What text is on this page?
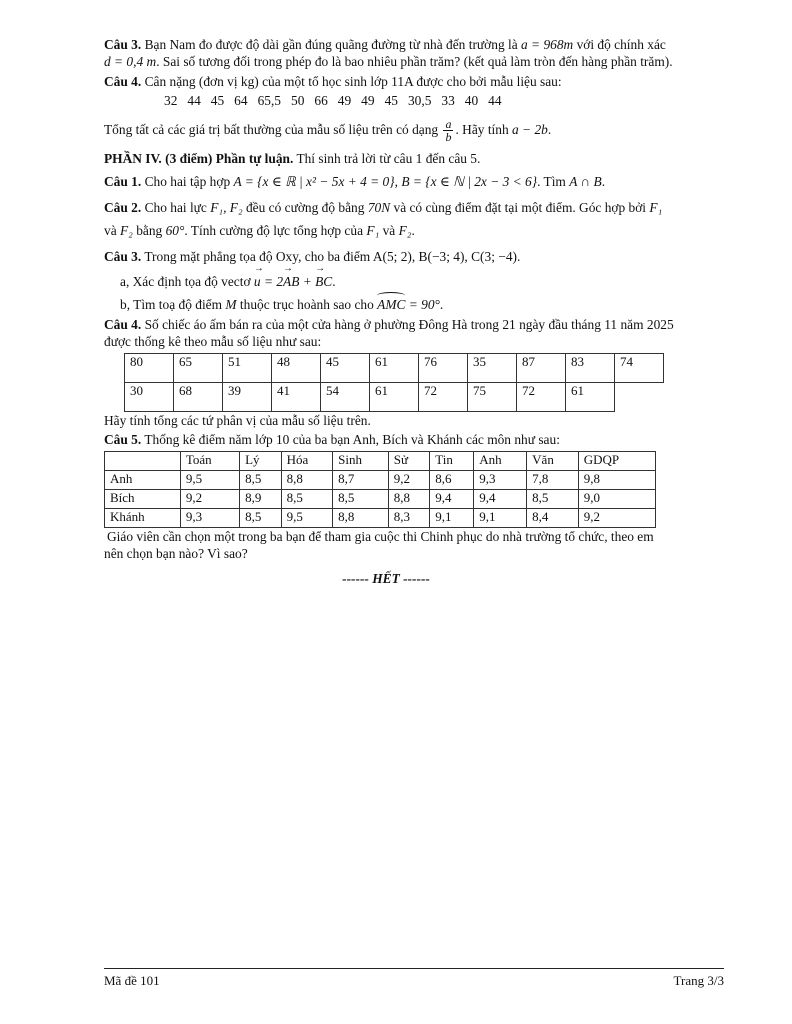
Câu 3. Bạn Nam đo được độ dài gần đúng quãng đường từ nhà đến trường là a = 968m với độ chính xác
d = 0,4 m. Sai số tương đối trong phép đo là bao nhiêu phần trăm? (kết quả làm tròn đến hàng phần trăm).

Câu 4. Cân nặng (đơn vị kg) của một tổ học sinh lớp 11A được cho bởi mẫu liệu sau:

32 44 45 64 65,5 50 66 49 49 45 30,5 33 40 44

Tổng tất cả các giá trị bất thường của mẫu số liệu trên có dạng $\frac{a}{b}$ . Hãy tính a − 2b.

PHẦN IV. (3 điểm) Phần tự luận. Thí sinh trả lời từ câu 1 đến câu 5.

Câu 1. Cho hai tập hợp A = {x ∈ ℝ | x² − 5x + 4 = 0}, B = {x ∈ ℕ | 2x − 3 < 6}. Tìm A ∩ B.

Câu 2. Cho hai lực F₁, F₂ đều có cường độ bằng 70N và có cùng điểm đặt tại một điểm. Góc hợp bởi F₁

và F₂ bằng 60°. Tính cường độ lực tổng hợp của F₁ và F₂.

Câu 3. Trong mặt phẳng tọa độ Oxy, cho ba điểm A(5; 2), B(−3; 4), C(3; −4).

a, Xác định tọa độ vectơ → u = 2→ AB + → BC.

b, Tìm toạ độ điểm M thuộc trục hoành sao cho AMC = 90°.

Câu 4. Số chiếc áo ấm bán ra của một cửa hàng ở phường Đông Hà trong 21 ngày đầu tháng 11 năm 2025
được thống kê theo mẫu số liệu như sau:

80	65	51	48	45	61	76	35	87	83	74
30	68	39	41	54	61	72	75	72	61	

Hãy tính tổng các tứ phân vị của mẫu số liệu trên.

Câu 5. Thống kê điểm năm lớp 10 của ba bạn Anh, Bích và Khánh các môn như sau:

	Toán	Lý	Hóa	Sinh	Sử	Tin	Anh	Văn	GDQP
Anh	9,5	8,5	8,8	8,7	9,2	8,6	9,3	7,8	9,8
Bích	9,2	8,9	8,5	8,5	8,8	9,4	9,4	8,5	9,0
Khánh	9,3	8,5	9,5	8,8	8,3	9,1	9,1	8,4	9,2

Giáo viên cần chọn một trong ba bạn để tham gia cuộc thi Chinh phục do nhà trường tổ chức, theo em
nên chọn bạn nào? Vì sao?

------ HẾT ------

Mã đề 101	Trang 3/3
